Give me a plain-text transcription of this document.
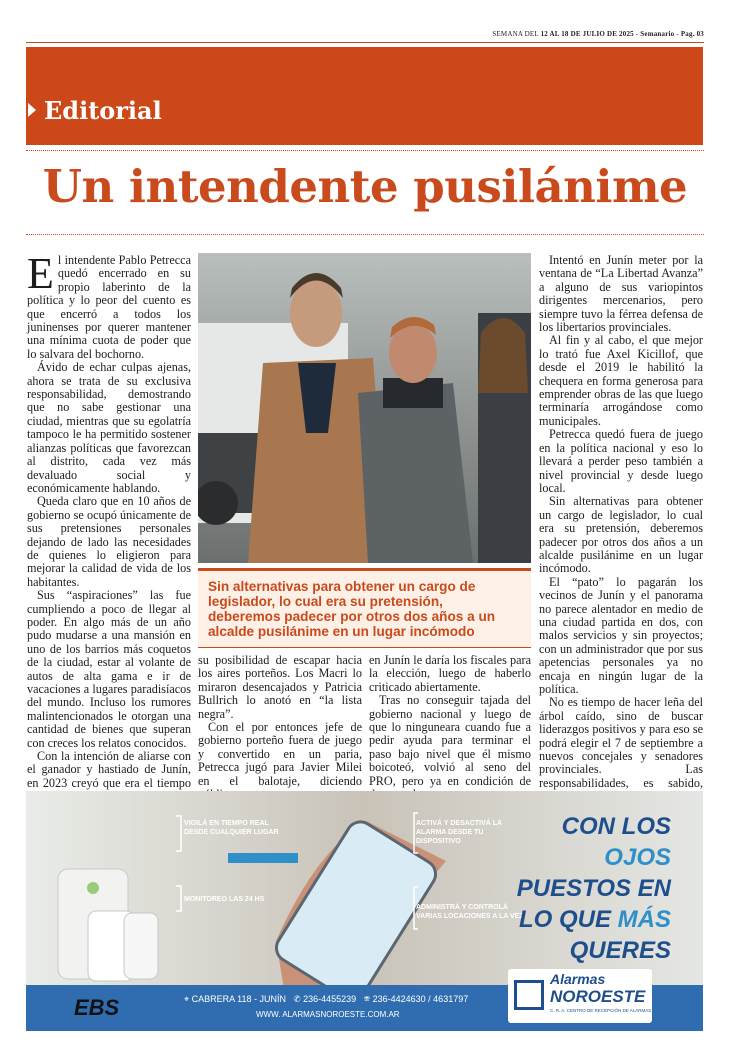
SEMANA DEL 12 AL 18 DE JULIO DE 2025 - Semanario - Pag. 03
Editorial
Un intendente pusilánime

El intendente Pablo Petrecca quedó encerrado en su propio laberinto de la política y lo peor del cuento es que encerró a todos los juninenses por querer mantener una mínima cuota de poder que lo salvara del bochorno.

Ávido de echar culpas ajenas, ahora se trata de su exclusiva responsabilidad, demostrando que no sabe gestionar una ciudad, mientras que su egolatría tampoco le ha permitido sostener alianzas políticas que favorezcan al distrito, cada vez más devaluado social y económicamente hablando.

Queda claro que en 10 años de gobierno se ocupó únicamente de sus pretensiones personales dejando de lado las necesidades de quienes lo eligieron para mejorar la calidad de vida de los habitantes.

Sus “aspiraciones” las fue cumpliendo a poco de llegar al poder. En algo más de un año pudo mudarse a una mansión en uno de los barrios más coquetos de la ciudad, estar al volante de autos de alta gama e ir de vacaciones a lugares paradisíacos del mundo. Incluso los rumores malintencionados le otorgan una cantidad de bienes que superan con creces los relatos conocidos.

Con la intención de aliarse con el ganador y hastiado de Junín, en 2023 creyó que era el tiempo

Sin alternativas para obtener un cargo de legislador, lo cual era su pretensión, deberemos padecer por otros dos años a un alcalde pusilánime en un lugar incómodo

su posibilidad de escapar hacia los aires porteños. Los Macri lo miraron desencajados y Patricia Bullrich lo anotó en “la lista negra”.

Con el por entonces jefe de gobierno porteño fuera de juego y convertido en un paria, Petrecca jugó para Javier Milei en el balotaje, diciendo

en Junín le daría los fiscales para la elección, luego de haberlo criticado abiertamente.

Tras no conseguir tajada del gobierno nacional y luego de que lo ninguneara cuando fue a pedir ayuda para terminar el paso bajo nivel que él mismo boicoteó, volvió al seno del PRO, pero ya en condición de

Intentó en Junín meter por la ventana de “La Libertad Avanza” a alguno de sus variopintos dirigentes mercenarios, pero siempre tuvo la férrea defensa de los libertarios provinciales.

Al fin y al cabo, el que mejor lo trató fue Axel Kicillof, que desde el 2019 le habilitó la chequera en forma generosa para emprender obras de las que luego terminaría arrogándose como municipales.

Petrecca quedó fuera de juego en la política nacional y eso lo llevará a perder peso también a nivel provincial y desde luego local.

Sin alternativas para obtener un cargo de legislador, lo cual era su pretensión, deberemos padecer por otros dos años a un alcalde pusilánime en un lugar incómodo.

El “pato” lo pagarán los vecinos de Junín y el panorama no parece alentador en medio de una ciudad partida en dos, con malos servicios y sin proyectos; con un administrador que por sus apetencias personales ya no encaja en ningún lugar de la política.

No es tiempo de hacer leña del árbol caído, sino de buscar liderazgos positivos y para eso se podrá elegir el 7 de septiembre a nuevos concejales y senadores provinciales. Las responsabilidades, es sabido,

VIGILÁ EN TIEMPO REAL DESDE CUALQUIER LUGAR
ACTIVÁ Y DESACTIVÁ LA ALARMA DESDE TU DISPOSITIVO
MONITOREO LAS 24 HS
ADMINISTRÁ Y CONTROLÁ VARIAS LOCACIONES A LA VEZ
CON LOS OJOS
PUESTOS EN
LO QUE MÁS
QUERES
EBS	⌖ CABRERA 118 - JUNÍN ✆ 236-4455239 ☏ 236-4424630 / 4631797
WWW. ALARMASNOROESTE.COM.AR
Alarmas
NOROESTE
C. R. A. CENTRO DE RECEPCIÓN DE ALARMAS
